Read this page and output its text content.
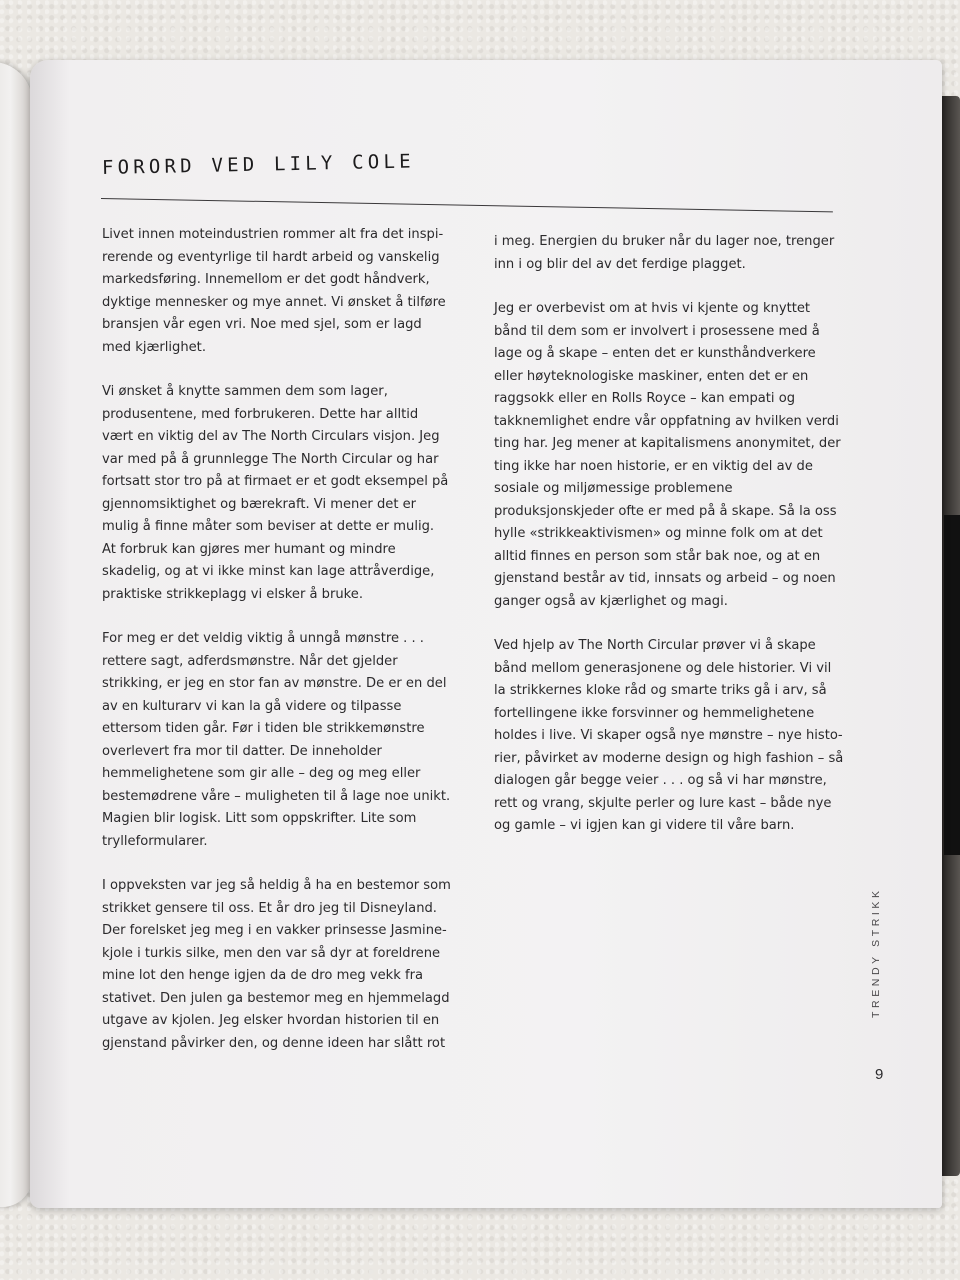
FORORD VED LILY COLE

Livet innen moteindustrien rommer alt fra det inspirerende og eventyrlige til hardt arbeid og vanskelig markedsføring. Innemellom er det godt håndverk, dyktige mennesker og mye annet. Vi ønsket å tilføre bransjen vår egen vri. Noe med sjel, som er lagd med kjærlighet.

Vi ønsket å knytte sammen dem som lager, produsentene, med forbrukeren. Dette har alltid vært en viktig del av The North Circulars visjon. Jeg var med på å grunnlegge The North Circular og har fortsatt stor tro på at firmaet er et godt eksempel på gjennomsiktighet og bærekraft. Vi mener det er mulig å finne måter som beviser at dette er mulig. At forbruk kan gjøres mer humant og mindre skadelig, og at vi ikke minst kan lage attråverdige, praktiske strikkeplagg vi elsker å bruke.

For meg er det veldig viktig å unngå mønstre . . . rettere sagt, adferdsmønstre. Når det gjelder strikking, er jeg en stor fan av mønstre. De er en del av en kulturarv vi kan la gå videre og tilpasse ettersom tiden går. Før i tiden ble strikkemønstre overlevert fra mor til datter. De inneholder hemmelighetene som gir alle – deg og meg eller bestemødrene våre – muligheten til å lage noe unikt. Magien blir logisk. Litt som oppskrifter. Lite som trylleformularer.

I oppveksten var jeg så heldig å ha en bestemor som strikket gensere til oss. Et år dro jeg til Disneyland. Der forelsket jeg meg i en vakker prinsesse Jasmine-kjole i turkis silke, men den var så dyr at foreldrene mine lot den henge igjen da de dro meg vekk fra stativet. Den julen ga bestemor meg en hjemmelagd utgave av kjolen. Jeg elsker hvordan historien til en gjenstand påvirker den, og denne ideen har slått rot

i meg. Energien du bruker når du lager noe, trenger inn i og blir del av det ferdige plagget.

Jeg er overbevist om at hvis vi kjente og knyttet bånd til dem som er involvert i prosessene med å lage og å skape – enten det er kunsthåndverkere eller høyteknologiske maskiner, enten det er en raggsokk eller en Rolls Royce – kan empati og takknemlighet endre vår oppfatning av hvilken verdi ting har. Jeg mener at kapitalismens anonymitet, der ting ikke har noen historie, er en viktig del av de sosiale og miljømessige problemene produksjonskjeder ofte er med på å skape. Så la oss hylle «strikkeaktivismen» og minne folk om at det alltid finnes en person som står bak noe, og at en gjenstand består av tid, innsats og arbeid – og noen ganger også av kjærlighet og magi.

Ved hjelp av The North Circular prøver vi å skape bånd mellom generasjonene og dele historier. Vi vil la strikkernes kloke råd og smarte triks gå i arv, så fortellingene ikke forsvinner og hemmelighetene holdes i live. Vi skaper også nye mønstre – nye historier, påvirket av moderne design og high fashion – så dialogen går begge veier . . . og så vi har mønstre, rett og vrang, skjulte perler og lure kast – både nye og gamle – vi igjen kan gi videre til våre barn.

TRENDY STRIKK
9
